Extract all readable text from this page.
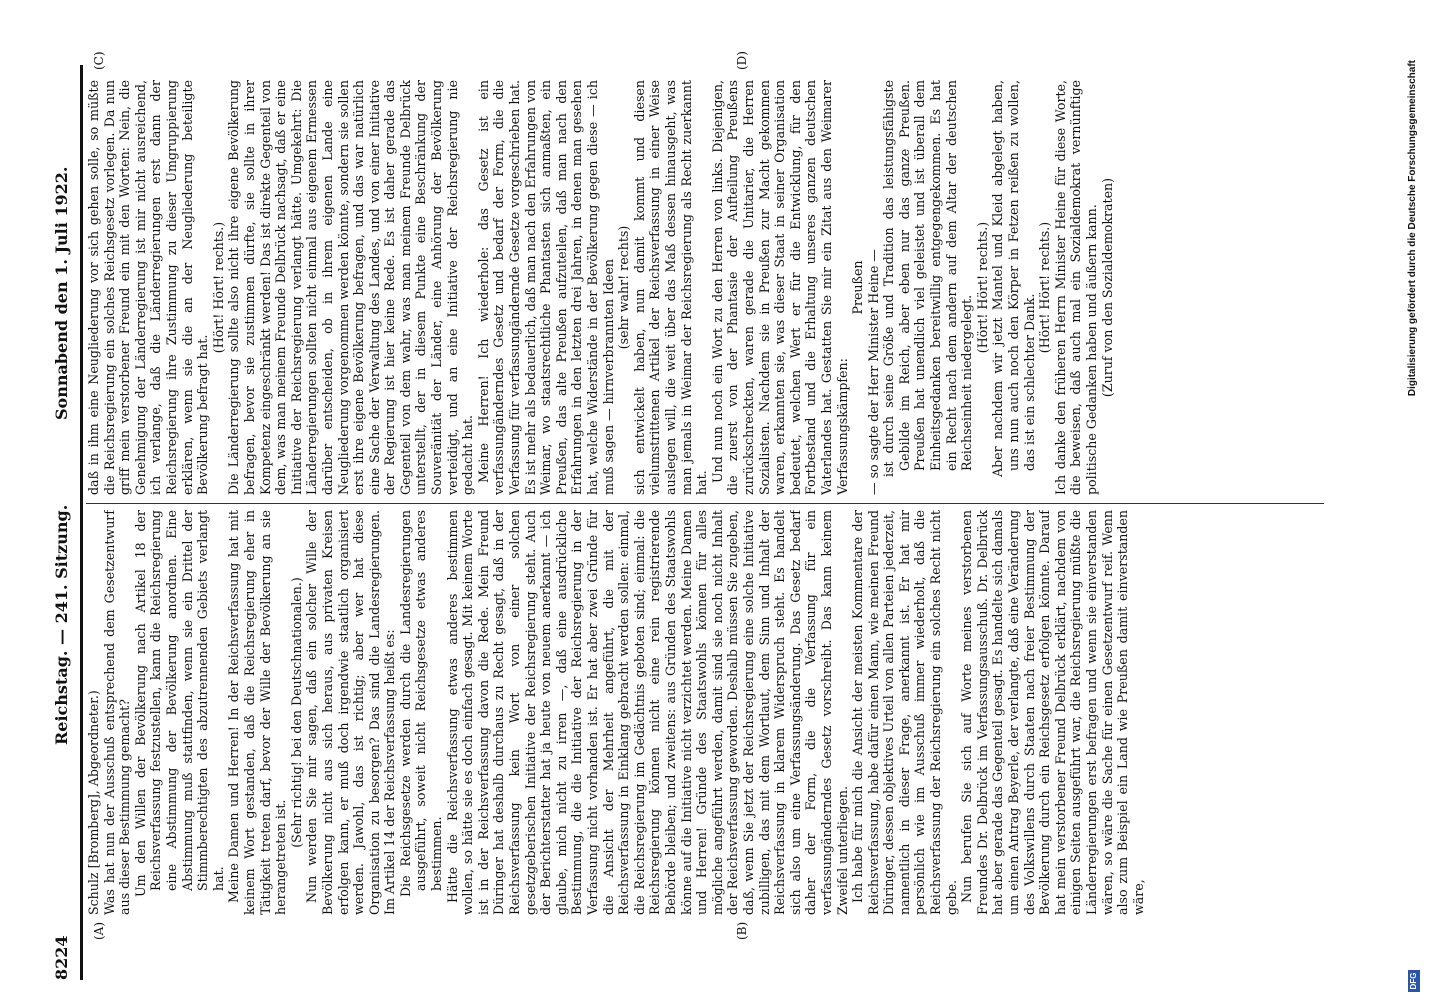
8224
Reichstag. — 241. Sitzung.
Sonnabend den 1. Juli 1922.
(A)	(B)
(C)	(D)

Schulz [Bromberg], Abgeordneter.) Was hat nun der Ausschuß entsprechend dem Gesetzentwurf aus dieser Bestimmung gemacht? Um den Willen der Bevölkerung nach Artikel 18 der Reichsverfassung festzustellen, kann die Reichsregierung eine Abstimmung der Bevölkerung anordnen. Eine Abstimmung muß stattfinden, wenn sie ein Drittel der Stimmberechtigten des abzutrennenden Gebiets verlangt hat. Meine Damen und Herren! In der Reichsverfassung hat mit keinem Wort gestanden, daß die Reichsregierung eher in Tätigkeit treten darf, bevor der Wille der Bevölkerung an sie herangetreten ist.

(Sehr richtig! bei den Deutschnationalen.) Nun werden Sie mir sagen, daß ein solcher Wille der Bevölkerung nicht aus sich heraus, aus privaten Kreisen erfolgen kann, er muß doch irgendwie staatlich organisiert werden. Jawohl, das ist richtig; aber wer hat diese Organisation zu besorgen? Das sind die Landesregierungen. Im Artikel 14 der Reichsverfassung heißt es: Die Reichsgesetze werden durch die Landesregierungen ausgeführt, soweit nicht Reichsgesetze etwas anderes bestimmen. Hätte die Reichsverfassung etwas anderes bestimmen wollen, so hätte sie es doch einfach gesagt. Mit keinem Worte ist in der Reichsverfassung davon die Rede. Mein Freund Düringer hat deshalb durchaus zu Recht gesagt, daß in der Reichsverfassung kein Wort von einer solchen gesetzgeberischen Initiative der Reichsregierung steht. Auch der Berichterstatter hat ja heute von neuem anerkannt — ich glaube, mich nicht zu irren —, daß eine ausdrückliche Bestimmung, die die Initiative der Reichsregierung in der Verfassung nicht vorhanden ist. Er hat aber zwei Gründe für die Ansicht der Mehrheit angeführt, die mit der Reichsverfassung in Einklang gebracht werden sollen: einmal, die Reichsregierung im Gedächtnis geboten sind; einmal: die Reichsregierung können nicht eine rein registrierende Behörde bleiben; und zweitens: aus Gründen des Staatswohls könne auf die Initiative nicht verzichtet werden. Meine Damen und Herren! Gründe des Staatswohls können für alles mögliche angeführt werden, damit sind sie noch nicht Inhalt der Reichsverfassung geworden. Deshalb müssen Sie zugeben, daß, wenn Sie jetzt der Reichsregierung eine solche Initiative zubilligen, das mit dem Wortlaut, dem Sinn und Inhalt der Reichsverfassung in klarem Widerspruch steht. Es handelt sich also um eine Verfassungsänderung. Das Gesetz bedarf daher der Form, die die Verfassung für ein verfassungänderndes Gesetz vorschreibt. Das kann keinem Zweifel unterliegen. Ich habe für mich die Ansicht der meisten Kommentare der Reichsverfassung, habe dafür einen Mann, wie meinen Freund Düringer, dessen objektives Urteil von allen Parteien jederzeit, namentlich in dieser Frage, anerkannt ist. Er hat mir persönlich wie im Ausschuß immer wiederholt, daß die Reichsverfassung der Reichsregierung ein solches Recht nicht gebe. Nun berufen Sie sich auf Worte meines verstorbenen Freundes Dr. Delbrück im Verfassungsausschuß. Dr. Delbrück hat aber gerade das Gegenteil gesagt. Es handelte sich damals um einen Antrag Beyerle, der verlangte, daß eine Veränderung des Volkswillens durch Staaten nach freier Bestimmung der Bevölkerung durch ein Reichsgesetz erfolgen könnte. Darauf hat mein verstorbener Freund Delbrück erklärt, nachdem von einigen Seiten ausgeführt war, die Reichsregierung müßte die Länderregierungen erst befragen und wenn sie einverstanden wären, so wäre die Sache für einen Gesetzentwurf reif. Wenn also zum Beispiel ein Land wie Preußen damit einverstanden wäre,

daß in ihm eine Neugliederung vor sich gehen solle, so müßte die Reichsregierung ein solches Reichsgesetz vorlegen. Da nun griff mein verstorbener Freund ein mit den Worten: Nein, die Genehmigung der Länderregierung ist mir nicht ausreichend, ich verlange, daß die Länderregierungen erst dann der Reichsregierung ihre Zustimmung zu dieser Umgruppierung erklären, wenn sie die an der Neugliederung beteiligte Bevölkerung befragt hat.

(Hört! Hört! rechts.) Die Länderregierung sollte also nicht ihre eigene Bevölkerung befragen, bevor sie zustimmen dürfte, sie sollte in ihrer Kompetenz eingeschränkt werden! Das ist direkte Gegenteil von dem, was man meinem Freunde Delbrück nachsagt, daß er eine Initiative der Reichsregierung verlangt hätte. Umgekehrt: Die Länderregierungen sollten nicht einmal aus eigenem Ermessen darüber entscheiden, ob in ihrem eigenen Lande eine Neugliederung vorgenommen werden könnte, sondern sie sollen erst ihre eigene Bevölkerung befragen, und das war natürlich eine Sache der Verwaltung des Landes, und von einer Initiative der Regierung ist hier keine Rede. Es ist daher gerade das Gegenteil von dem wahr, was man meinem Freunde Delbrück unterstellt, der in diesem Punkte eine Beschränkung der Souveränität der Länder, eine Anhörung der Bevölkerung verteidigt, und an eine Initiative der Reichsregierung nie gedacht hat. Meine Herren! Ich wiederhole: das Gesetz ist ein verfassungänderndes Gesetz und bedarf der Form, die die Verfassung für verfassungändernde Gesetze vorgeschrieben hat. Es ist mehr als bedauerlich, daß man nach den Erfahrungen von Weimar, wo staatsrechtliche Phantasten sich anmaßten, ein Preußen, das alte Preußen aufzuteilen, daß man nach den Erfahrungen in den letzten drei Jahren, in denen man gesehen hat, welche Widerstände in der Bevölkerung gegen diese — ich muß sagen — hirnverbrannten Ideen (sehr wahr! rechts) sich entwickelt haben, nun damit kommt und diesen vielumstrittenen Artikel der Reichsverfassung in einer Weise auslegen will, die weit über das Maß dessen hinausgeht, was man jemals in Weimar der Reichsregierung als Recht zuerkannt hat. Und nun noch ein Wort zu den Herren von links. Diejenigen, die zuerst von der Phantasie der Aufteilung Preußens zurückschreckten, waren gerade die Unitarier, die Herren Sozialisten. Nachdem sie in Preußen zur Macht gekommen waren, erkannten sie, was dieser Staat in seiner Organisation bedeutet, welchen Wert er für die Entwicklung, für den Fortbestand und die Erhaltung unseres ganzen deutschen Vaterlandes hat. Gestatten Sie mir ein Zitat aus den Weimarer Verfassungskämpfen:

Preußen — so sagte der Herr Minister Heine — ist durch seine Größe und Tradition das leistungsfähigste Gebilde im Reich, aber eben nur das ganze Preußen. Preußen hat unendlich viel geleistet und ist überall dem Einheitsgedanken bereitwillig entgegengekommen. Es hat ein Recht nach dem andern auf dem Altar der deutschen Reichseinheit niedergelegt.

(Hört! Hört! rechts.) Aber nachdem wir jetzt Mantel und Kleid abgelegt haben, uns nun auch noch den Körper in Fetzen reißen zu wollen, das ist ein schlechter Dank.

(Hört! Hört! rechts.) Ich danke den früheren Herrn Minister Heine für diese Worte, die beweisen, daß auch mal ein Sozialdemokrat vernünftige politische Gedanken haben und äußern kann. (Zuruf von den Sozialdemokraten)

DFG
Digitalisierung gefördert durch die Deutsche Forschungsgemeinschaft
